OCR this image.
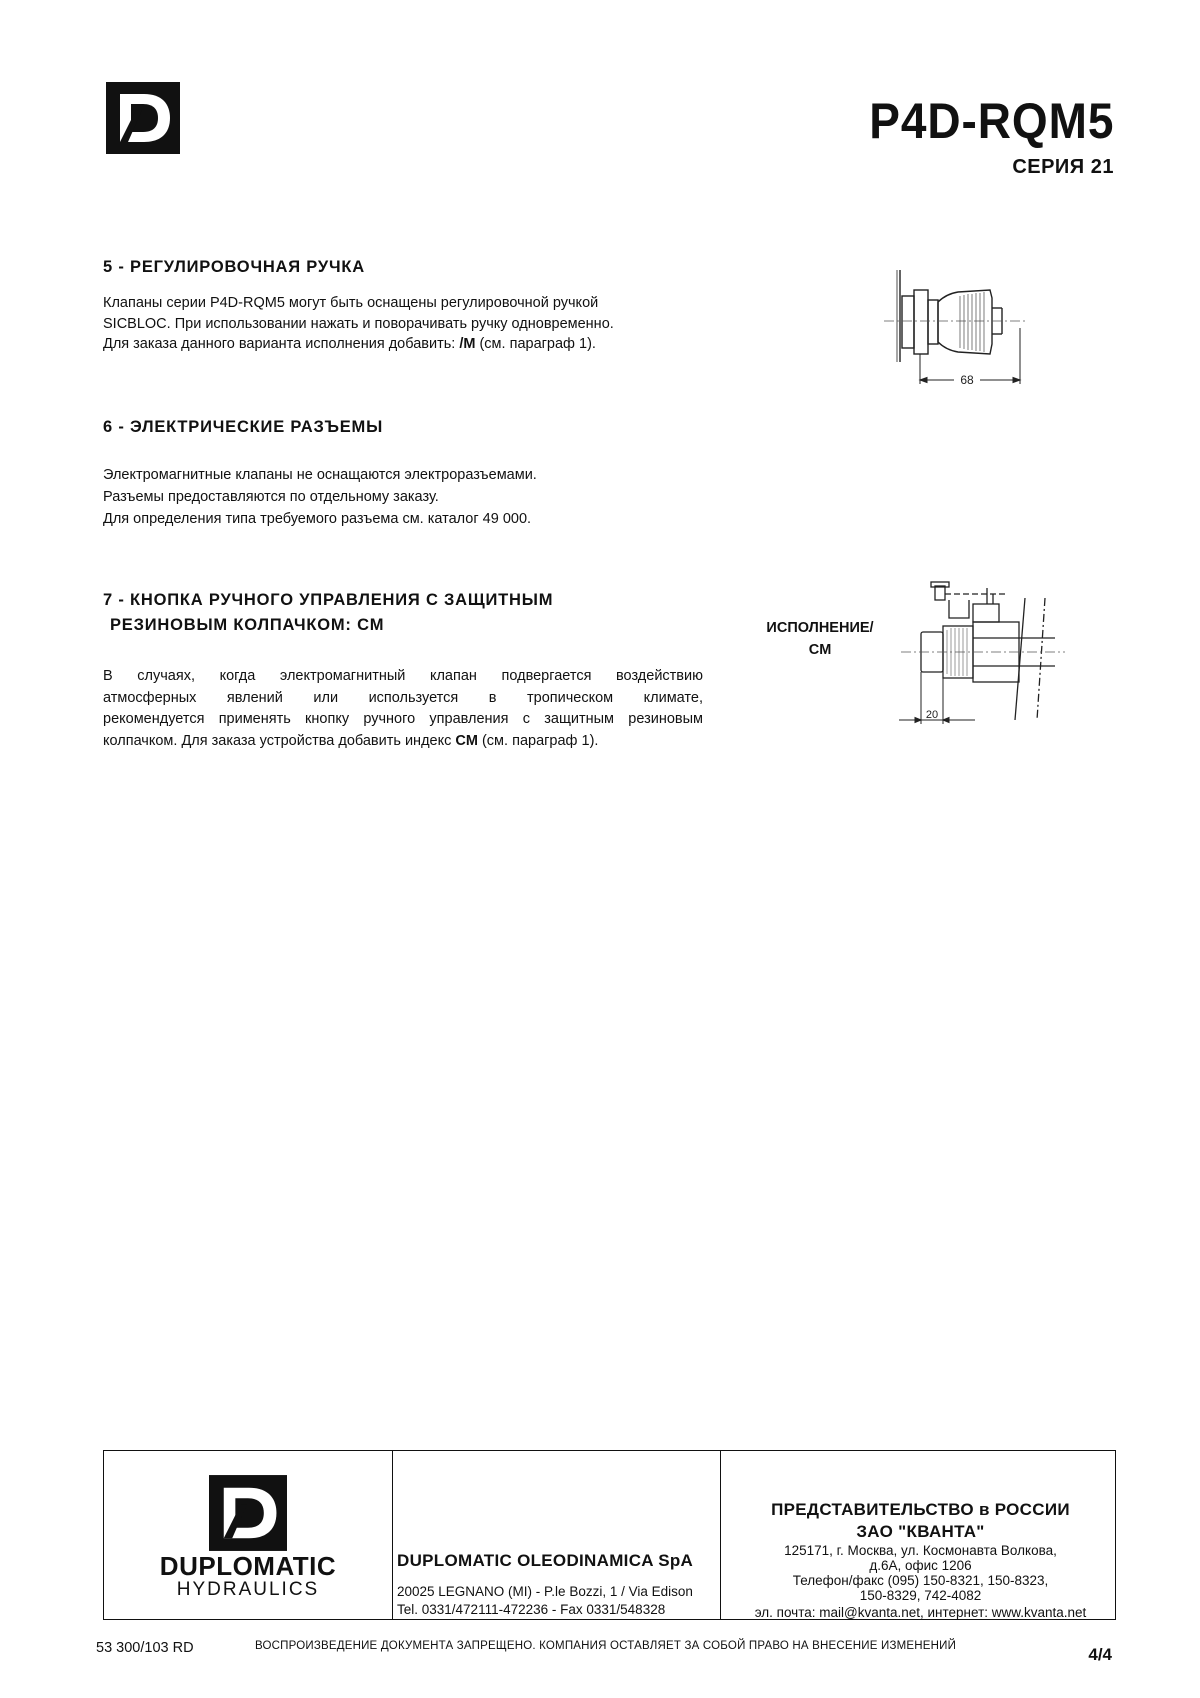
P4D-RQM5
СЕРИЯ 21
5 - РЕГУЛИРОВОЧНАЯ РУЧКА
Клапаны серии P4D-RQM5 могут быть оснащены регулировочной ручкой
SICBLOC. При использовании нажать и поворачивать ручку одновременно.
Для заказа данного варианта исполнения добавить: /M (см. параграф 1).
68
6 - ЭЛЕКТРИЧЕСКИЕ РАЗЪЕМЫ
Электромагнитные клапаны не оснащаются электроразъемами.
Разъемы предоставляются по отдельному заказу.
Для определения типа требуемого разъема см. каталог 49 000.
7 - КНОПКА РУЧНОГО УПРАВЛЕНИЯ С ЗАЩИТНЫМ
РЕЗИНОВЫМ КОЛПАЧКОМ: CM
В случаях, когда электромагнитный клапан подвергается воздействию
атмосферных явлений или используется в тропическом климате,
рекомендуется применять кнопку ручного управления с защитным резиновым
колпачком. Для заказа устройства добавить индекс CM (см. параграф 1).
ИСПОЛНЕНИЕ/
CM
20
DUPLOMATIC
HYDRAULICS
DUPLOMATIC OLEODINAMICA SpA
20025 LEGNANO (MI) - P.le Bozzi, 1 / Via Edison
Tel. 0331/472111-472236 - Fax 0331/548328
ПРЕДСТАВИТЕЛЬСТВО в РОССИИ
ЗАО "КВАНТА"
125171, г. Москва, ул. Космонавта Волкова,
д.6А, офис 1206
Телефон/факс (095) 150-8321, 150-8323,
150-8329, 742-4082
эл. почта: mail@kvanta.net, интернет: www.kvanta.net
53 300/103 RD	ВОСПРОИЗВЕДЕНИЕ ДОКУМЕНТА ЗАПРЕЩЕНО. КОМПАНИЯ ОСТАВЛЯЕТ ЗА СОБОЙ ПРАВО НА ВНЕСЕНИЕ ИЗМЕНЕНИЙ	4/4
